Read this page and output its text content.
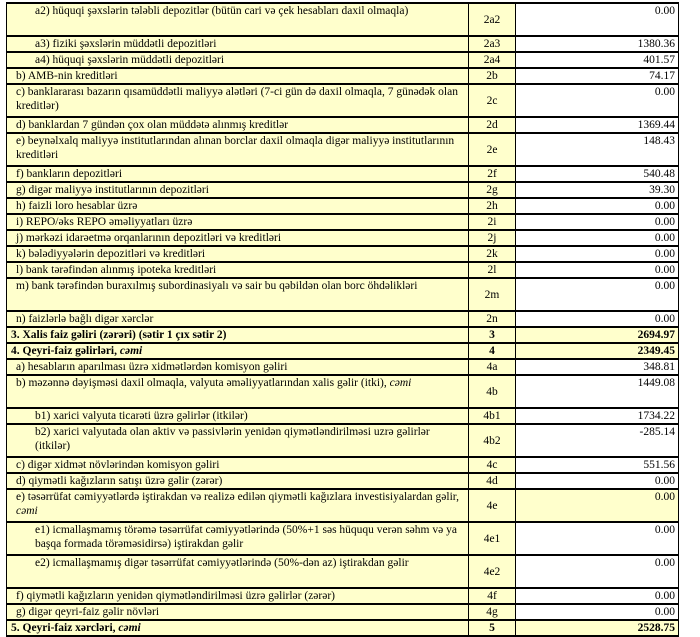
a2) hüquqi şəxslərin tələbli depozitlər (bütün cari və çek hesabları daxil olmaqla)	2a2	0.00
a3) fiziki şəxslərin müddətli depozitləri	2a3	1380.36
a4) hüquqi şəxslərin müddətli depozitləri	2a4	401.57
b) AMB-nin kreditləri	2b	74.17
c) banklararası bazarın qısamüddətli maliyyə alətləri (7-ci gün də daxil olmaqla, 7 günədək olan kreditlər)	2c	0.00
d) banklardan 7 gündən çox olan müddətə alınmış kreditlər	2d	1369.44
e) beynəlxalq maliyyə institutlarından alınan borclar daxil olmaqla digər maliyyə institutlarının kreditləri	2e	148.43
f) bankların depozitləri	2f	540.48
g) digər maliyyə institutlarının depozitləri	2g	39.30
h) faizli loro hesablar üzrə	2h	0.00
i) REPO/əks REPO əməliyyatları üzrə	2i	0.00
j) mərkəzi idarəetmə orqanlarının depozitləri və kreditləri	2j	0.00
k) bələdiyyələrin depozitləri və kreditləri	2k	0.00
l) bank tərəfindən alınmış ipoteka kreditləri	2l	0.00
m) bank tərəfindən buraxılmış subordinasiyalı və sair bu qəbildən olan borc öhdəlikləri	2m	0.00
n) faizlərlə bağlı digər xərclər	2n	0.00
3. Xalis faiz gəliri (zərəri) (sətir 1 çıx sətir 2)	3	2694.97
4. Qeyri-faiz gəlirləri, cəmi	4	2349.45
a) hesabların aparılması üzrə xidmətlərdən komisyon gəliri	4a	348.81
b) məzənnə dəyişməsi daxil olmaqla, valyuta əməliyyatlarından xalis gəlir (itki), cəmi	4b	1449.08
b1) xarici valyuta ticarəti üzrə gəlirlər (itkilər)	4b1	1734.22
b2) xarici valyutada olan aktiv və passivlərin yenidən qiymətləndirilməsi uzrə gəlirlər (itkilər)	4b2	-285.14
c) digər xidmət növlərindən komisyon gəliri	4c	551.56
d) qiymətli kağızların satışı üzrə gəlir (zərər)	4d	0.00
e) təsərrüfat cəmiyyətlərdə iştirakdan və realizə edilən qiymətli kağızlara investisiyalardan gəlir, cəmi	4e	0.00
e1) icmallaşmamış törəmə təsərrüfat cəmiyyətlərində (50%+1 səs hüququ verən səhm və ya başqa formada törəməsidirsə) iştirakdan gəlir	4e1	0.00
e2) icmallaşmamış digər təsərrüfat cəmiyyətlərində (50%-dən az) iştirakdan gəlir	4e2	0.00
f) qiymətli kağızların yenidən qiymətləndirilməsi üzrə gəlirlər (zərər)	4f	0.00
g) digər qeyri-faiz gəlir növləri	4g	0.00
5. Qeyri-faiz xərcləri, cəmi	5	2528.75
